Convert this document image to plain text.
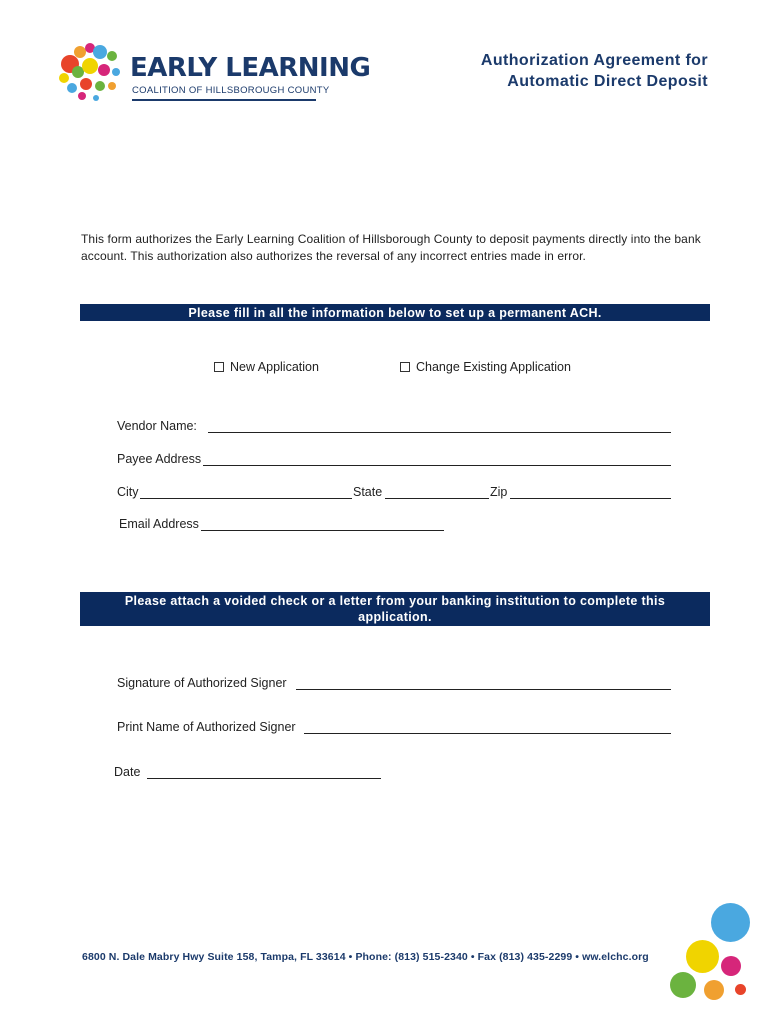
EARLY LEARNING
COALITION OF HILLSBOROUGH COUNTY
Authorization Agreement for
Automatic Direct Deposit
This form authorizes the Early Learning Coalition of Hillsborough County to deposit payments directly into the bank account. This authorization also authorizes the reversal of any incorrect entries made in error.
Please fill in all the information below to set up a permanent ACH.
New Application	Change Existing Application
Vendor Name:
Payee Address
City	State	Zip
Email Address
Please attach a voided check or a letter from your banking institution to complete this
application.
Signature of Authorized Signer
Print Name of Authorized Signer
Date
6800 N. Dale Mabry Hwy Suite 158, Tampa, FL 33614 • Phone: (813) 515-2340 • Fax (813) 435-2299 • ww.elchc.org
